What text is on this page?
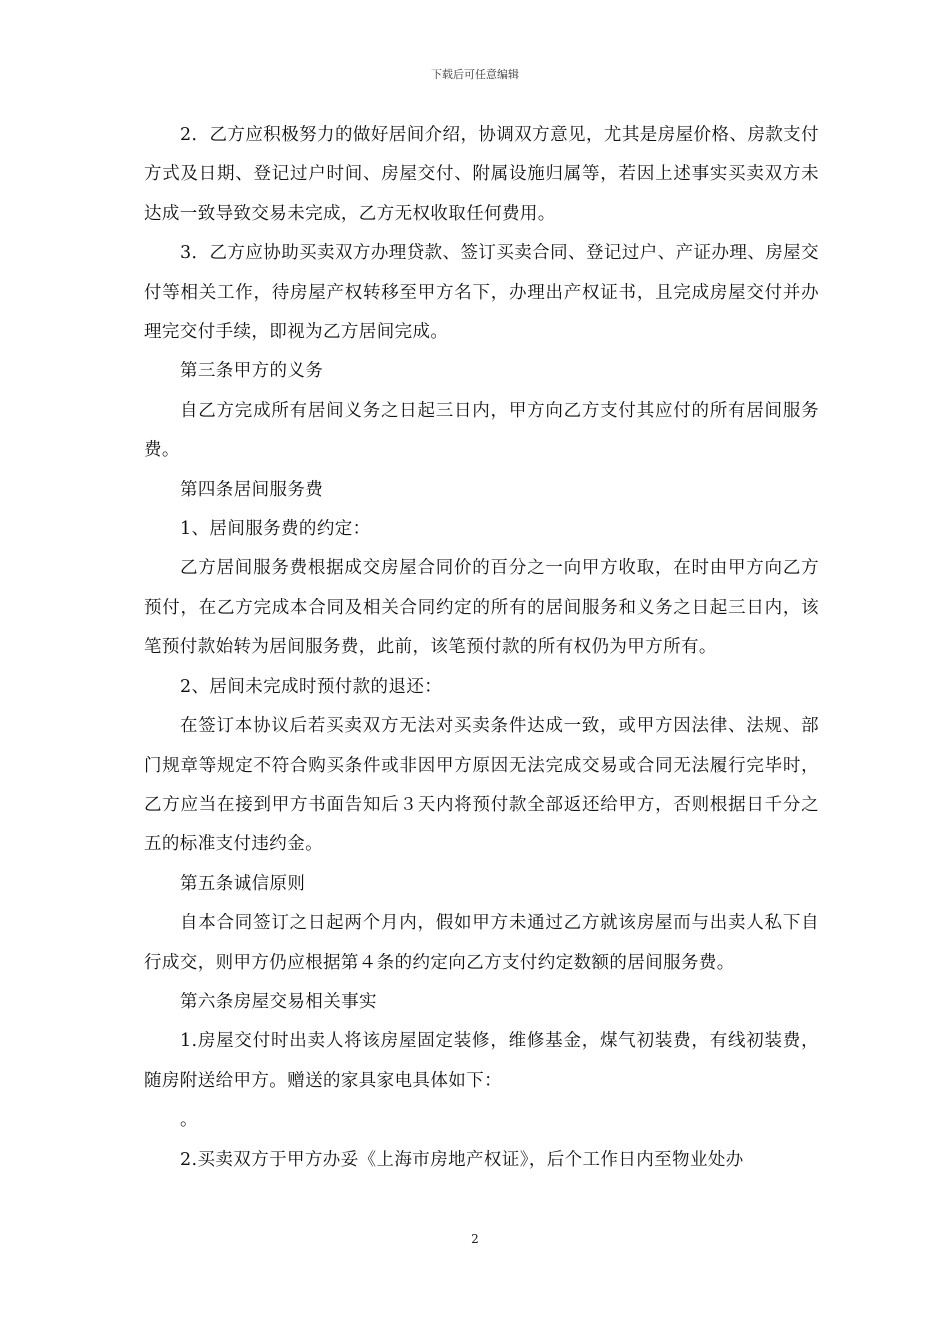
下载后可任意编辑

2．乙方应积极努力的做好居间介绍，协调双方意见，尤其是房屋价格、房款支付方式及日期、登记过户时间、房屋交付、附属设施归属等，若因上述事实买卖双方未达成一致导致交易未完成，乙方无权收取任何费用。

3．乙方应协助买卖双方办理贷款、签订买卖合同、登记过户、产证办理、房屋交付等相关工作，待房屋产权转移至甲方名下，办理出产权证书，且完成房屋交付并办理完交付手续，即视为乙方居间完成。

第三条甲方的义务

自乙方完成所有居间义务之日起三日内，甲方向乙方支付其应付的所有居间服务费。

第四条居间服务费

1、居间服务费的约定：

乙方居间服务费根据成交房屋合同价的百分之一向甲方收取，在时由甲方向乙方预付，在乙方完成本合同及相关合同约定的所有的居间服务和义务之日起三日内，该笔预付款始转为居间服务费，此前，该笔预付款的所有权仍为甲方所有。

2、居间未完成时预付款的退还：

在签订本协议后若买卖双方无法对买卖条件达成一致，或甲方因法律、法规、部门规章等规定不符合购买条件或非因甲方原因无法完成交易或合同无法履行完毕时，乙方应当在接到甲方书面告知后３天内将预付款全部返还给甲方，否则根据日千分之五的标准支付违约金。

第五条诚信原则

自本合同签订之日起两个月内，假如甲方未通过乙方就该房屋而与出卖人私下自行成交，则甲方仍应根据第４条的约定向乙方支付约定数额的居间服务费。

第六条房屋交易相关事实

1.房屋交付时出卖人将该房屋固定装修，维修基金，煤气初装费，有线初装费，随房附送给甲方。赠送的家具家电具体如下：

。

2.买卖双方于甲方办妥《上海市房地产权证》，后个工作日内至物业处办

2
